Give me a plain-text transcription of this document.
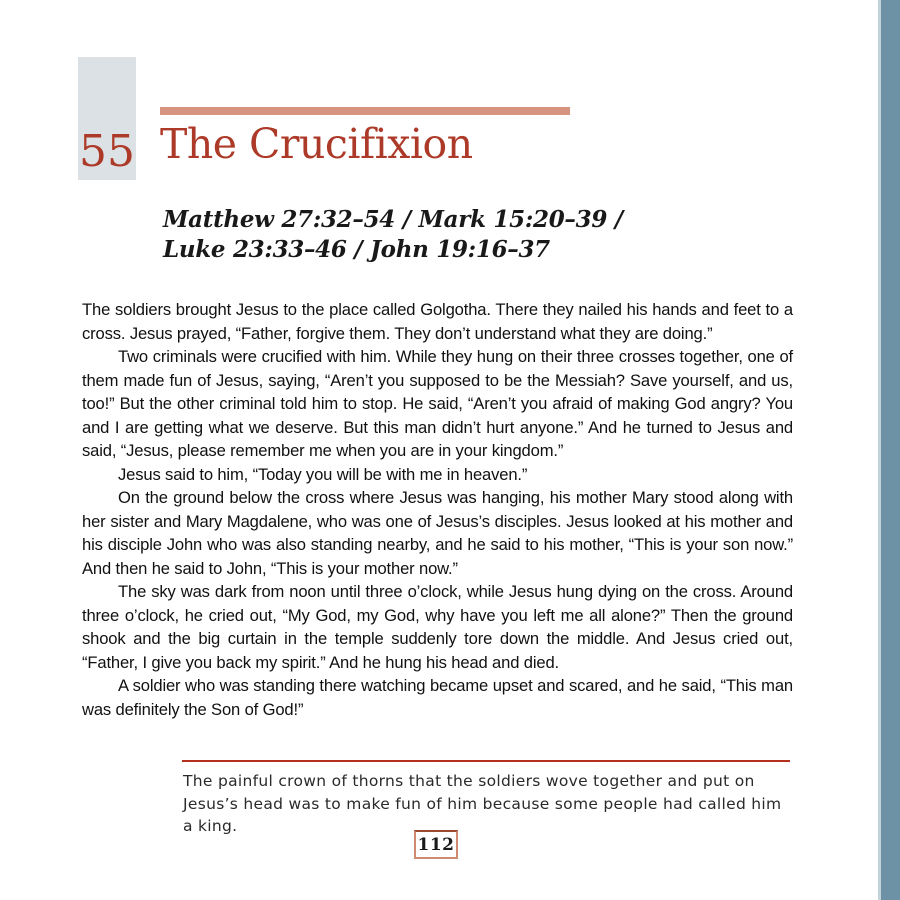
55 The Crucifixion
Matthew 27:32–54 / Mark 15:20–39 /
Luke 23:33–46 / John 19:16–37

The soldiers brought Jesus to the place called Golgotha. There they nailed his hands and feet to a cross. Jesus prayed, “Father, forgive them. They don’t understand what they are doing.”

Two criminals were crucified with him. While they hung on their three crosses together, one of them made fun of Jesus, saying, “Aren’t you supposed to be the Messiah? Save yourself, and us, too!” But the other criminal told him to stop. He said, “Aren’t you afraid of making God angry? You and I are getting what we deserve. But this man didn’t hurt anyone.” And he turned to Jesus and said, “Jesus, please remember me when you are in your kingdom.”

Jesus said to him, “Today you will be with me in heaven.”

On the ground below the cross where Jesus was hanging, his mother Mary stood along with her sister and Mary Magdalene, who was one of Jesus’s disciples. Jesus looked at his mother and his disciple John who was also standing nearby, and he said to his mother, “This is your son now.” And then he said to John, “This is your mother now.”

The sky was dark from noon until three o’clock, while Jesus hung dying on the cross. Around three o’clock, he cried out, “My God, my God, why have you left me all alone?” Then the ground shook and the big curtain in the temple suddenly tore down the middle. And Jesus cried out, “Father, I give you back my spirit.” And he hung his head and died.

A soldier who was standing there watching became upset and scared, and he said, “This man was definitely the Son of God!”

The painful crown of thorns that the soldiers wove together and put on Jesus’s head was to make fun of him because some people had called him a king.
112
